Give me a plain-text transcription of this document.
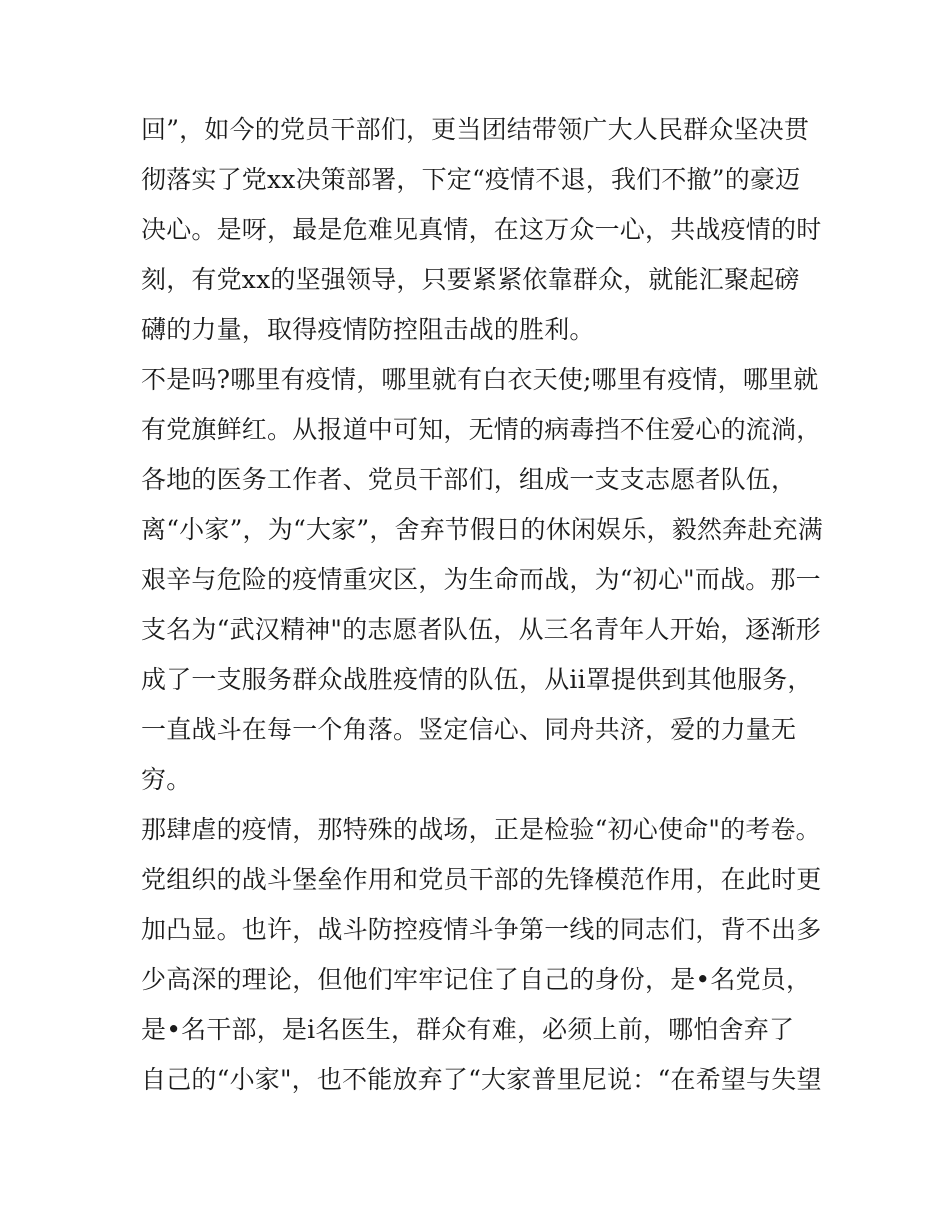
回”，如今的党员干部们，更当团结带领广大人民群众坚决贯
彻落实了党xx决策部署，下定“疫情不退，我们不撤”的豪迈
决心。是呀，最是危难见真情，在这万众一心，共战疫情的时
刻，有党xx的坚强领导，只要紧紧依靠群众，就能汇聚起磅
礴的力量，取得疫情防控阻击战的胜利。
不是吗?哪里有疫情，哪里就有白衣天使;哪里有疫情，哪里就
有党旗鲜红。从报道中可知，无情的病毒挡不住爱心的流淌，
各地的医务工作者、党员干部们，组成一支支志愿者队伍，
离“小家”，为“大家”，舍弃节假日的休闲娱乐，毅然奔赴充满
艰辛与危险的疫情重灾区，为生命而战，为“初心"而战。那一
支名为“武汉精神"的志愿者队伍，从三名青年人开始，逐渐形
成了一支服务群众战胜疫情的队伍，从ii罩提供到其他服务，
一直战斗在每一个角落。竖定信心、同舟共济，爱的力量无
穷。
那肆虐的疫情，那特殊的战场，正是检验“初心使命"的考卷。
党组织的战斗堡垒作用和党员干部的先锋模范作用，在此时更
加凸显。也许，战斗防控疫情斗争第一线的同志们，背不出多
少高深的理论，但他们牢牢记住了自己的身份，是•名党员，
是•名干部，是i名医生，群众有难，必须上前，哪怕舍弃了
自己的“小家"，也不能放弃了“大家普里尼说：“在希望与失望
